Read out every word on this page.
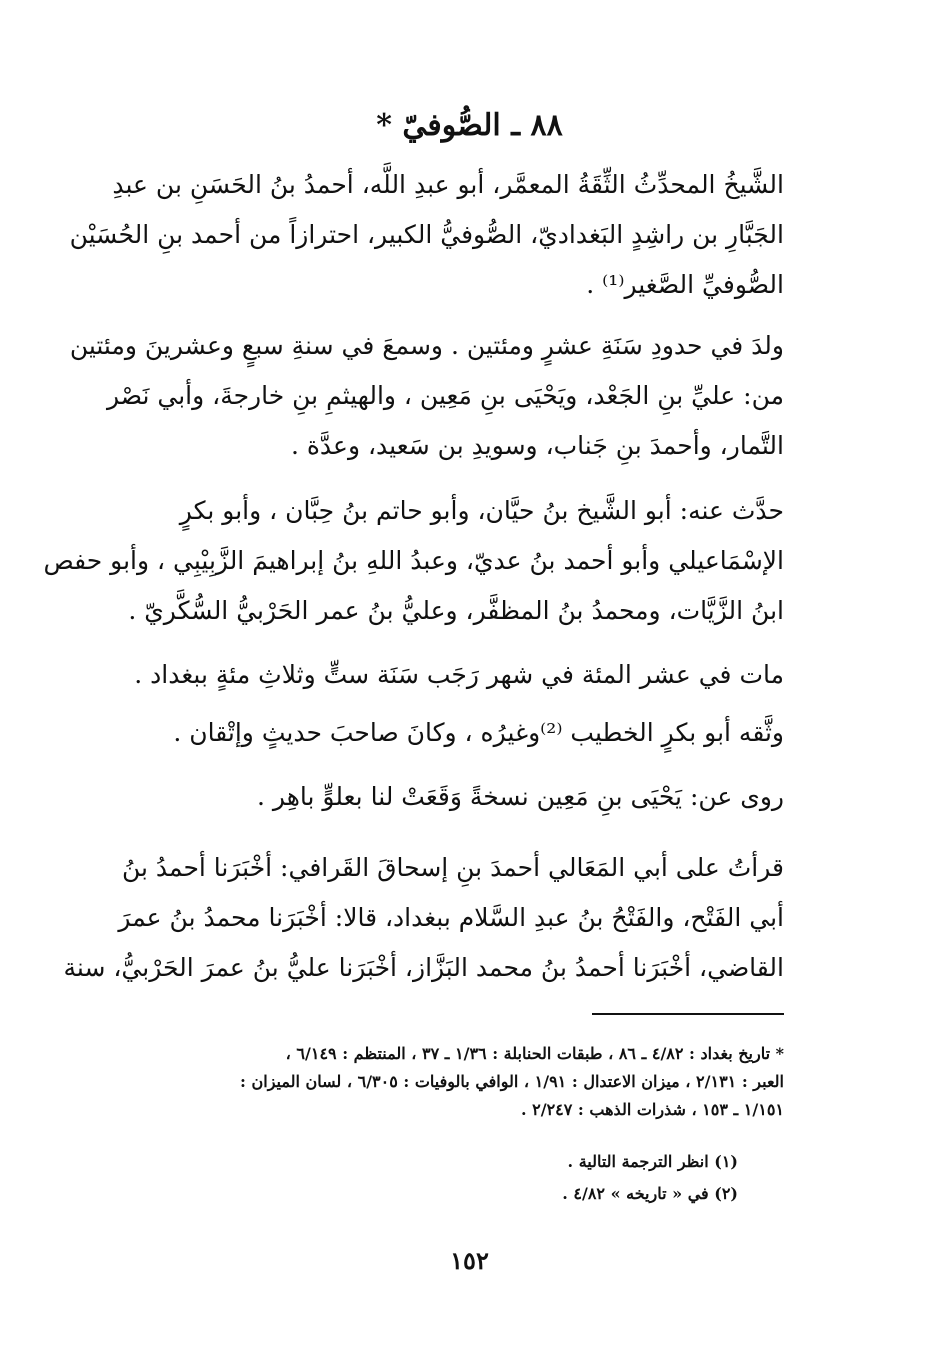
٨٨ ـ الصُّوفيّ *
الشَّيخُ المحدِّثُ الثِّقَةُ المعمَّر، أبو عبدِ اللَّه، أحمدُ بنُ الحَسَنِ بن عبدِ
الجَبَّارِ بن راشِدٍ البَغداديّ، الصُّوفيُّ الكبير، احترازاً من أحمد بنِ الحُسَيْن
الصُّوفيِّ الصَّغير⁽¹⁾ .
ولدَ في حدودِ سَنَةِ عشرٍ ومئتين . وسمعَ في سنةِ سبعٍ وعشرينَ ومئتين
من: عليِّ بنِ الجَعْد، ويَحْيَى بنِ مَعِين ، والهيثمِ بنِ خارجةَ، وأبي نَصْر
التَّمار، وأحمدَ بنِ جَناب، وسويدِ بن سَعيد، وعدَّة .
حدَّث عنه: أبو الشَّيخ بنُ حيَّان، وأبو حاتم بنُ حِبَّان ، وأبو بكرٍ
الإسْمَاعيلي وأبو أحمد بنُ عديّ، وعبدُ اللهِ بنُ إبراهيمَ الزَّبِيْبِي ، وأبو حفص
ابنُ الزَّيَّات، ومحمدُ بنُ المظفَّر، وعليُّ بنُ عمر الحَرْبيُّ السُّكَّريّ .
مات في عشر المئة في شهر رَجَب سَنَة ستٍّ وثلاثِ مئةٍ ببغداد .
وثَّقه أبو بكرٍ الخطيب ⁽²⁾وغيرُه ، وكانَ صاحبَ حديثٍ وإتْقان .
روى عن: يَحْيَى بنِ مَعِين نسخةً وَقَعَتْ لنا بعلوٍّ باهِر .
قرأتُ على أبي المَعَالي أحمدَ بنِ إسحاقَ القَرافي: أخْبَرَنا أحمدُ بنُ
أبي الفَتْح، والفَتْحُ بنُ عبدِ السَّلام ببغداد، قالا: أخْبَرَنا محمدُ بنُ عمرَ
القاضي، أخْبَرَنا أحمدُ بنُ محمد البَزَّاز، أخْبَرَنا عليُّ بنُ عمرَ الحَرْبيُّ، سنة
* تاريخ بغداد : ٤/٨٢ ـ ٨٦ ، طبقات الحنابلة : ١/٣٦ ـ ٣٧ ، المنتظم : ٦/١٤٩ ،
العبر : ٢/١٣١ ، ميزان الاعتدال : ١/٩١ ، الوافي بالوفيات : ٦/٣٠٥ ، لسان الميزان :
١/١٥١ ـ ١٥٣ ، شذرات الذهب : ٢/٢٤٧ .
(١) انظر الترجمة التالية .
(٢) في « تاريخه » ٤/٨٢ .
١٥٢
